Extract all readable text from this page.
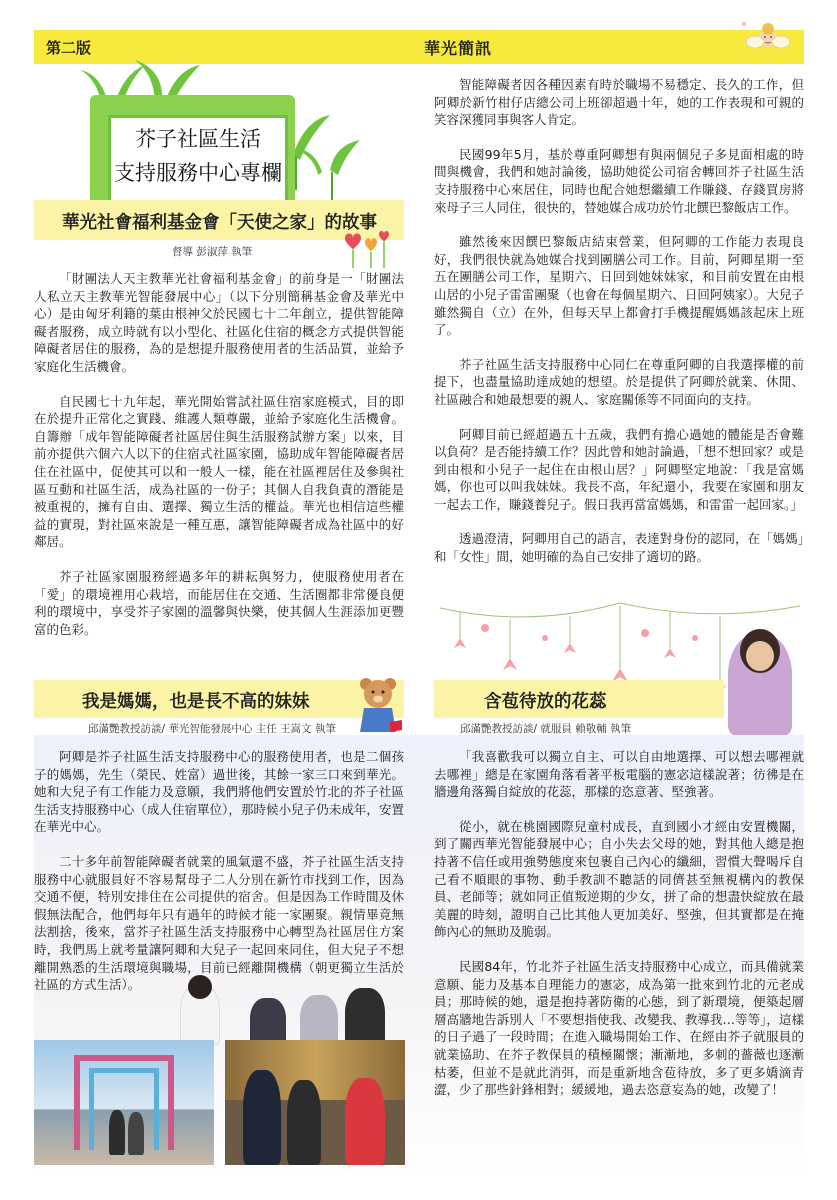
第二版	華光簡訊
芥子社區生活
支持服務中心專欄
華光社會福利基金會「天使之家」的故事
督導 彭淑萍 執筆

「財團法人天主教華光社會福利基金會」的前身是一「財團法人私立天主教華光智能發展中心」（以下分別簡稱基金會及華光中心）是由匈牙利籍的葉由根神父於民國七十二年創立，提供智能障礙者服務，成立時就有以小型化、社區化住宿的概念方式提供智能障礙者居住的服務，為的是想提升服務使用者的生活品質，並給予家庭化生活機會。

自民國七十九年起，華光開始嘗試社區住宿家庭模式，目的即在於提升正常化之實踐、維護人類尊嚴，並給予家庭化生活機會。自籌辦「成年智能障礙者社區居住與生活服務試辦方案」以來，目前亦提供六個六人以下的住宿式社區家園，協助成年智能障礙者居住在社區中，促使其可以和一般人一樣，能在社區裡居住及參與社區互動和社區生活，成為社區的一份子；其個人自我負責的潛能是被重視的，擁有自由、選擇、獨立生活的權益。華光也相信這些權益的實現，對社區來說是一種互惠，讓智能障礙者成為社區中的好鄰居。

芥子社區家園服務經過多年的耕耘與努力，使服務使用者在「愛」的環境裡用心栽培，而能居住在交通、生活圈都非常優良便利的環境中，享受芥子家園的溫馨與快樂，使其個人生涯添加更豐富的色彩。

智能障礙者因各種因素有時於職場不易穩定、長久的工作，但阿卿於新竹柑仔店總公司上班卻超過十年，她的工作表現和可親的笑容深獲同事與客人肯定。

民國99年5月，基於尊重阿卿想有與兩個兒子多見面相處的時間與機會，我們和她討論後，協助她從公司宿舍轉回芥子社區生活支持服務中心來居住，同時也配合她想繼續工作賺錢、存錢買房將來母子三人同住，很快的，替她媒合成功於竹北饌巴黎飯店工作。

雖然後來因饌巴黎飯店結束營業，但阿卿的工作能力表現良好，我們很快就為她媒合找到團膳公司工作。目前，阿卿星期一至五在團膳公司工作，星期六、日回到她妹妹家，和目前安置在由根山居的小兒子雷雷團聚（也會在每個星期六、日回阿姨家）。大兒子雖然獨自（立）在外，但每天早上都會打手機提醒媽媽該起床上班了。

芥子社區生活支持服務中心同仁在尊重阿卿的自我選擇權的前提下，也盡量協助達成她的想望。於是提供了阿卿於就業、休閒、社區融合和她最想要的親人、家庭關係等不同面向的支持。

阿卿目前已經超過五十五歲，我們有擔心過她的體能是否會難以負荷？是否能持續工作？因此曾和她討論過，「想不想回家？或是到由根和小兒子一起住在由根山居？」阿卿堅定地說：「我是富媽媽，你也可以叫我妹妹。我長不高，年紀還小，我要在家園和朋友一起去工作，賺錢養兒子。假日我再當富媽媽，和雷雷一起回家。」

透過澄清，阿卿用自己的語言，表達對身份的認同，在「媽媽」和「女性」間，她明確的為自己安排了適切的路。

我是媽媽，也是長不高的妹妹
邱滿艷教授訪談/ 華光智能發展中心 主任 王嵩文 執筆

阿卿是芥子社區生活支持服務中心的服務使用者，也是二個孩子的媽媽，先生（榮民、姓富）過世後，其餘一家三口來到華光。她和大兒子有工作能力及意願，我們將他們安置於竹北的芥子社區生活支持服務中心（成人住宿單位），那時候小兒子仍未成年，安置在華光中心。

二十多年前智能障礙者就業的風氣還不盛，芥子社區生活支持服務中心就服員好不容易幫母子二人分別在新竹市找到工作，因為交通不便，特別安排住在公司提供的宿舍。但是因為工作時間及休假無法配合，他們每年只有過年的時候才能一家團聚。親情畢竟無法割捨，後來，當芥子社區生活支持服務中心轉型為社區居住方案時，我們馬上就考量讓阿卿和大兒子一起回來同住，但大兒子不想離開熟悉的生活環境與職場，目前已經離開機構（朝更獨立生活於社區的方式生活）。

含苞待放的花蕊
邱滿艷教授訪談/ 就服員 賴敬輔 執筆

「我喜歡我可以獨立自主、可以自由地選擇、可以想去哪裡就去哪裡」總是在家園角落看著平板電腦的憲宓這樣說著；彷彿是在牆邊角落獨自綻放的花蕊，那樣的恣意著、堅強著。

從小，就在桃園國際兒童村成長，直到國小才經由安置機關，到了關西華光智能發展中心；自小失去父母的她，對其他人總是抱持著不信任或用強勢態度來包裹自己內心的纖細，習慣大聲喝斥自己看不順眼的事物、動手教訓不聽話的同儕甚至無視構內的教保員、老師等；就如同正值叛逆期的少女，拼了命的想盡快綻放在最美麗的時刻，證明自己比其他人更加美好、堅強，但其實都是在掩飾內心的無助及脆弱。

民國84年，竹北芥子社區生活支持服務中心成立，而具備就業意願、能力及基本自理能力的憲宓，成為第一批來到竹北的元老成員；那時候的她，還是抱持著防衛的心態，到了新環境，便築起層層高牆地告訴別人「不要想指使我、改變我、教導我…等等」，這樣的日子過了一段時間；在進入職場開始工作、在經由芥子就服員的就業協助、在芥子教保員的積極關懷；漸漸地，多刺的薔薇也逐漸枯萎，但並不是就此消弭，而是重新地含苞待放，多了更多嬌滴青澀，少了那些針鋒相對；緩緩地，過去恣意妄為的她，改變了！
